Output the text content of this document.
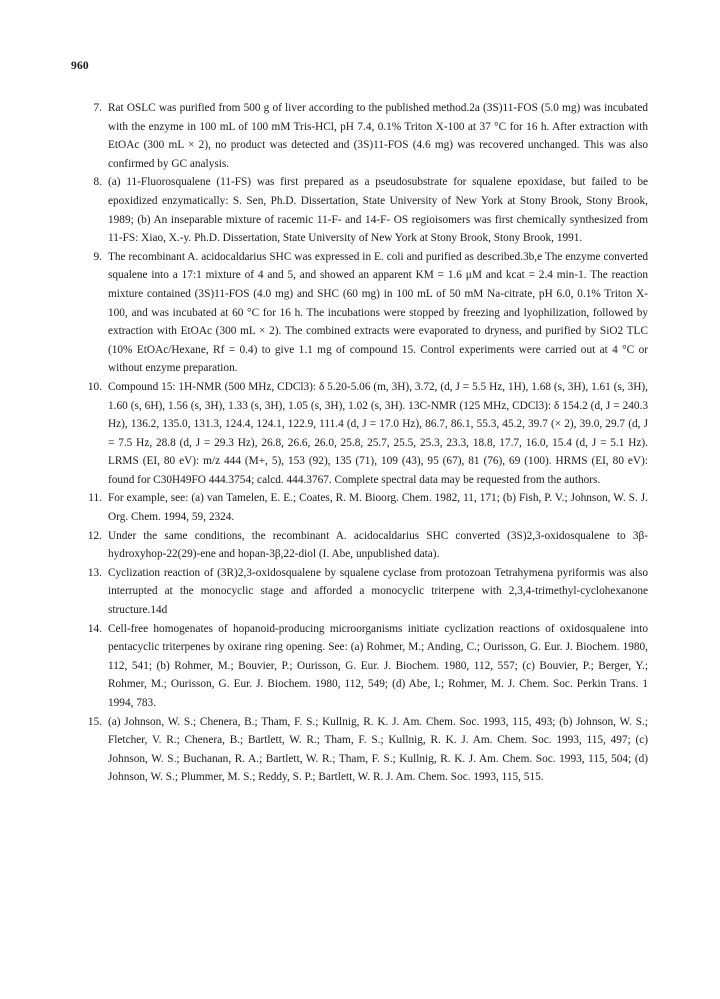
960
7. Rat OSLC was purified from 500 g of liver according to the published method.2a (3S)11-FOS (5.0 mg) was incubated with the enzyme in 100 mL of 100 mM Tris-HCl, pH 7.4, 0.1% Triton X-100 at 37 °C for 16 h. After extraction with EtOAc (300 mL × 2), no product was detected and (3S)11-FOS (4.6 mg) was recovered unchanged. This was also confirmed by GC analysis.
8. (a) 11-Fluorosqualene (11-FS) was first prepared as a pseudosubstrate for squalene epoxidase, but failed to be epoxidized enzymatically: S. Sen, Ph.D. Dissertation, State University of New York at Stony Brook, Stony Brook, 1989; (b) An inseparable mixture of racemic 11-F- and 14-F- OS regioisomers was first chemically synthesized from 11-FS: Xiao, X.-y. Ph.D. Dissertation, State University of New York at Stony Brook, Stony Brook, 1991.
9. The recombinant A. acidocaldarius SHC was expressed in E. coli and purified as described.3b,e The enzyme converted squalene into a 17:1 mixture of 4 and 5, and showed an apparent KM = 1.6 μM and kcat = 2.4 min-1. The reaction mixture contained (3S)11-FOS (4.0 mg) and SHC (60 mg) in 100 mL of 50 mM Na-citrate, pH 6.0, 0.1% Triton X-100, and was incubated at 60 °C for 16 h. The incubations were stopped by freezing and lyophilization, followed by extraction with EtOAc (300 mL × 2). The combined extracts were evaporated to dryness, and purified by SiO2 TLC (10% EtOAc/Hexane, Rf = 0.4) to give 1.1 mg of compound 15. Control experiments were carried out at 4 °C or without enzyme preparation.
10. Compound 15: 1H-NMR (500 MHz, CDCl3): δ 5.20-5.06 (m, 3H), 3.72, (d, J = 5.5 Hz, 1H), 1.68 (s, 3H), 1.61 (s, 3H), 1.60 (s, 6H), 1.56 (s, 3H), 1.33 (s, 3H), 1.05 (s, 3H), 1.02 (s, 3H). 13C-NMR (125 MHz, CDCl3): δ 154.2 (d, J = 240.3 Hz), 136.2, 135.0, 131.3, 124.4, 124.1, 122.9, 111.4 (d, J = 17.0 Hz), 86.7, 86.1, 55.3, 45.2, 39.7 (× 2), 39.0, 29.7 (d, J = 7.5 Hz, 28.8 (d, J = 29.3 Hz), 26.8, 26.6, 26.0, 25.8, 25.7, 25.5, 25.3, 23.3, 18.8, 17.7, 16.0, 15.4 (d, J = 5.1 Hz). LRMS (EI, 80 eV): m/z 444 (M+, 5), 153 (92), 135 (71), 109 (43), 95 (67), 81 (76), 69 (100). HRMS (EI, 80 eV): found for C30H49FO 444.3754; calcd. 444.3767. Complete spectral data may be requested from the authors.
11. For example, see: (a) van Tamelen, E. E.; Coates, R. M. Bioorg. Chem. 1982, 11, 171; (b) Fish, P. V.; Johnson, W. S. J. Org. Chem. 1994, 59, 2324.
12. Under the same conditions, the recombinant A. acidocaldarius SHC converted (3S)2,3-oxidosqualene to 3β-hydroxyhop-22(29)-ene and hopan-3β,22-diol (I. Abe, unpublished data).
13. Cyclization reaction of (3R)2,3-oxidosqualene by squalene cyclase from protozoan Tetrahymena pyriformis was also interrupted at the monocyclic stage and afforded a monocyclic triterpene with 2,3,4-trimethyl-cyclohexanone structure.14d
14. Cell-free homogenates of hopanoid-producing microorganisms initiate cyclization reactions of oxidosqualene into pentacyclic triterpenes by oxirane ring opening. See: (a) Rohmer, M.; Anding, C.; Ourisson, G. Eur. J. Biochem. 1980, 112, 541; (b) Rohmer, M.; Bouvier, P.; Ourisson, G. Eur. J. Biochem. 1980, 112, 557; (c) Bouvier, P.; Berger, Y.; Rohmer, M.; Ourisson, G. Eur. J. Biochem. 1980, 112, 549; (d) Abe, I.; Rohmer, M. J. Chem. Soc. Perkin Trans. 1 1994, 783.
15. (a) Johnson, W. S.; Chenera, B.; Tham, F. S.; Kullnig, R. K. J. Am. Chem. Soc. 1993, 115, 493; (b) Johnson, W. S.; Fletcher, V. R.; Chenera, B.; Bartlett, W. R.; Tham, F. S.; Kullnig, R. K. J. Am. Chem. Soc. 1993, 115, 497; (c) Johnson, W. S.; Buchanan, R. A.; Bartlett, W. R.; Tham, F. S.; Kullnig, R. K. J. Am. Chem. Soc. 1993, 115, 504; (d) Johnson, W. S.; Plummer, M. S.; Reddy, S. P.; Bartlett, W. R. J. Am. Chem. Soc. 1993, 115, 515.
